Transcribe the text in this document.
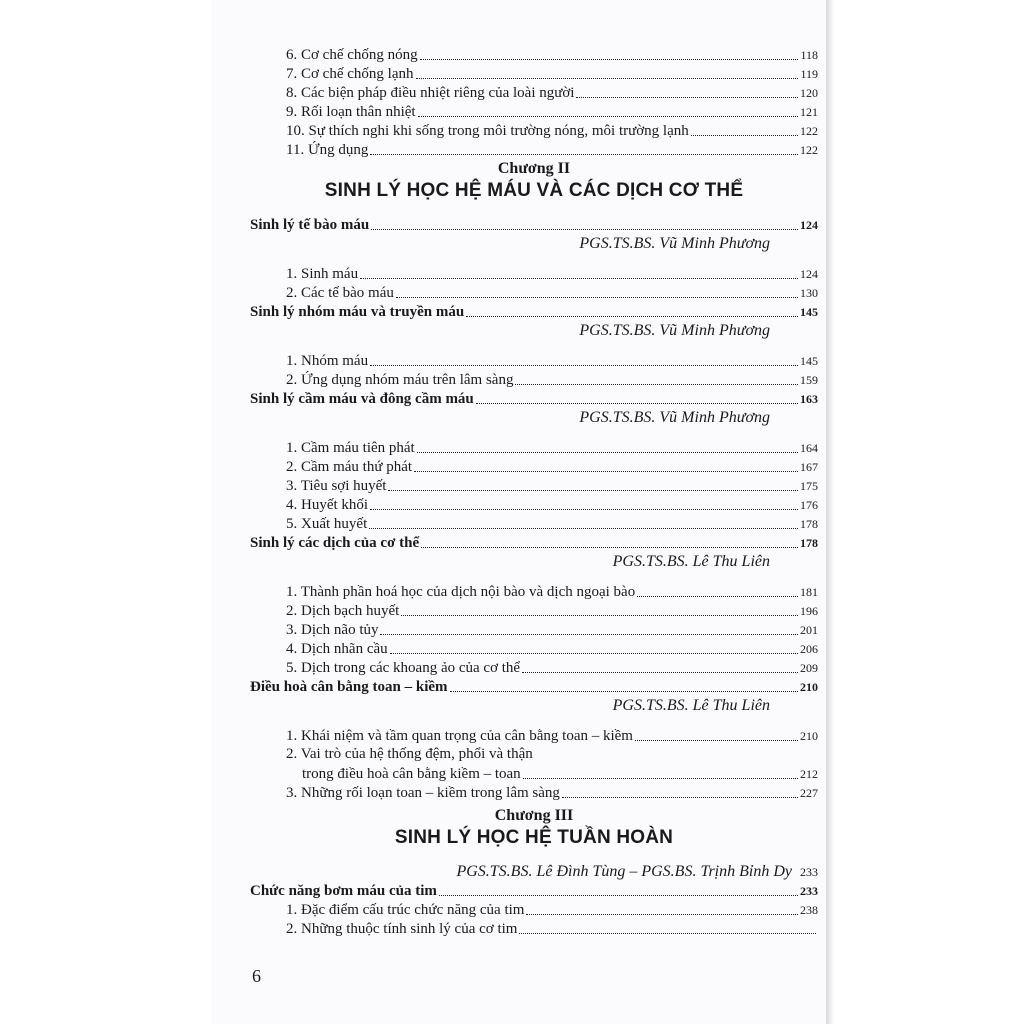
6. Cơ chế chống nóng	118
7. Cơ chế chống lạnh	119
8. Các biện pháp điều nhiệt riêng của loài người	120
9. Rối loạn thân nhiệt	121
10. Sự thích nghi khi sống trong môi trường nóng, môi trường lạnh	122
11. Ứng dụng	122
Chương II
SINH LÝ HỌC HỆ MÁU VÀ CÁC DỊCH CƠ THỂ
Sinh lý tế bào máu	124
PGS.TS.BS. Vũ Minh Phương
1. Sinh máu	124
2. Các tế bào máu	130
Sinh lý nhóm máu và truyền máu	145
PGS.TS.BS. Vũ Minh Phương
1. Nhóm máu	145
2. Ứng dụng nhóm máu trên lâm sàng	159
Sinh lý cầm máu và đông cầm máu	163
PGS.TS.BS. Vũ Minh Phương
1. Cầm máu tiên phát	164
2. Cầm máu thứ phát	167
3. Tiêu sợi huyết	175
4. Huyết khối	176
5. Xuất huyết	178
Sinh lý các dịch của cơ thể	178
PGS.TS.BS. Lê Thu Liên
1. Thành phần hoá học của dịch nội bào và dịch ngoại bào	181
2. Dịch bạch huyết	196
3. Dịch não tủy	201
4. Dịch nhãn cầu	206
5. Dịch trong các khoang ảo của cơ thể	209
Điều hoà cân bằng toan – kiềm	210
PGS.TS.BS. Lê Thu Liên
1. Khái niệm và tầm quan trọng của cân bằng toan – kiềm	210
2. Vai trò của hệ thống đệm, phổi và thận
trong điều hoà cân bằng kiềm – toan	212
3. Những rối loạn toan – kiềm trong lâm sàng	227
Chương III
SINH LÝ HỌC HỆ TUẦN HOÀN
PGS.TS.BS. Lê Đình Tùng – PGS.BS. Trịnh Bỉnh Dy 233
Chức năng bơm máu của tim	233
1. Đặc điểm cấu trúc chức năng của tim	238
2. Những thuộc tính sinh lý của cơ tim
6
